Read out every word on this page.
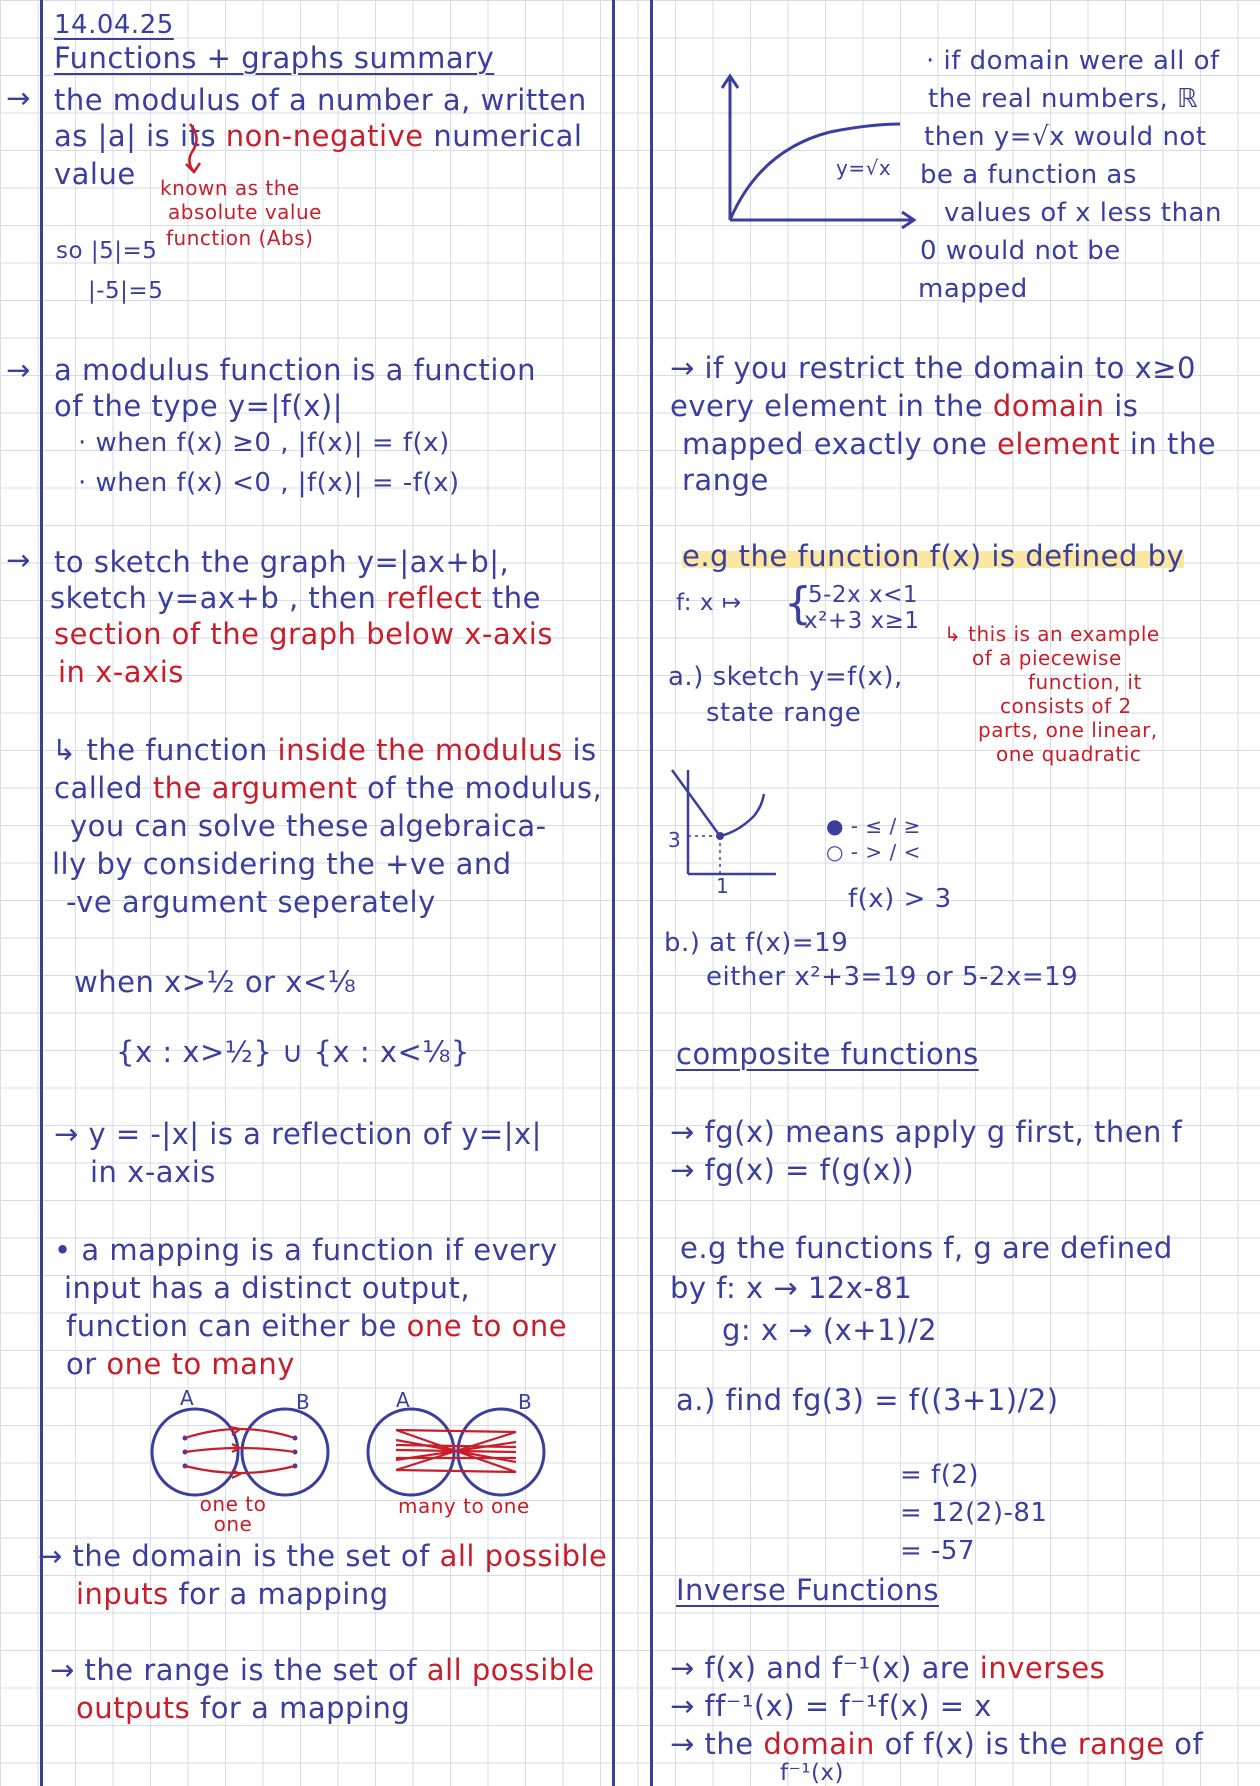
14.04.25
Functions + graphs summary
→ the modulus of a number a, written
as |a| is its non-negative numerical
value known as the
absolute value
function (Abs)
so |5|=5
|-5|=5
→ a modulus function is a function
of the type y=|f(x)|
· when f(x) ≥0 , |f(x)| = f(x)
· when f(x) <0 , |f(x)| = -f(x)
→ to sketch the graph y=|ax+b|,
sketch y=ax+b , then reflect the
section of the graph below x-axis
in x-axis
↳ the function inside the modulus is
called the argument of the modulus,
you can solve these algebraica-
lly by considering the +ve and
-ve argument seperately
when x>½ or x<⅛
{x : x>½} ∪ {x : x<⅛}
→ y = -|x| is a reflection of y=|x|
in x-axis
• a mapping is a function if every
input has a distinct output,
function can either be one to one
or one to many
A	B
one to one
A	B
many to one
→ the domain is the set of all possible
inputs for a mapping
→ the range is the set of all possible
outputs for a mapping
y=√x
· if domain were all of
the real numbers, ℝ
then y=√x would not
be a function as
values of x less than
0 would not be
mapped
→ if you restrict the domain to x≥0
every element in the domain is
mapped exactly one element in the
range
e.g the function f(x) is defined by
f: x ↦ {
5-2x x<1
x²+3 x≥1
a.) sketch y=f(x),
state range
↳ this is an example
of a piecewise
function, it
consists of 2
parts, one linear,
one quadratic
3
1
● - ≤ / ≥
○ - > / <
f(x) > 3
b.) at f(x)=19
either x²+3=19 or 5-2x=19
composite functions
→ fg(x) means apply g first, then f
→ fg(x) = f(g(x))
e.g the functions f, g are defined
by f: x → 12x-81
g: x → (x+1)/2
a.) find fg(3) = f((3+1)/2)
= f(2)
= 12(2)-81
= -57
Inverse Functions
→ f(x) and f⁻¹(x) are inverses
→ ff⁻¹(x) = f⁻¹f(x) = x
→ the domain of f(x) is the range of
f⁻¹(x)
